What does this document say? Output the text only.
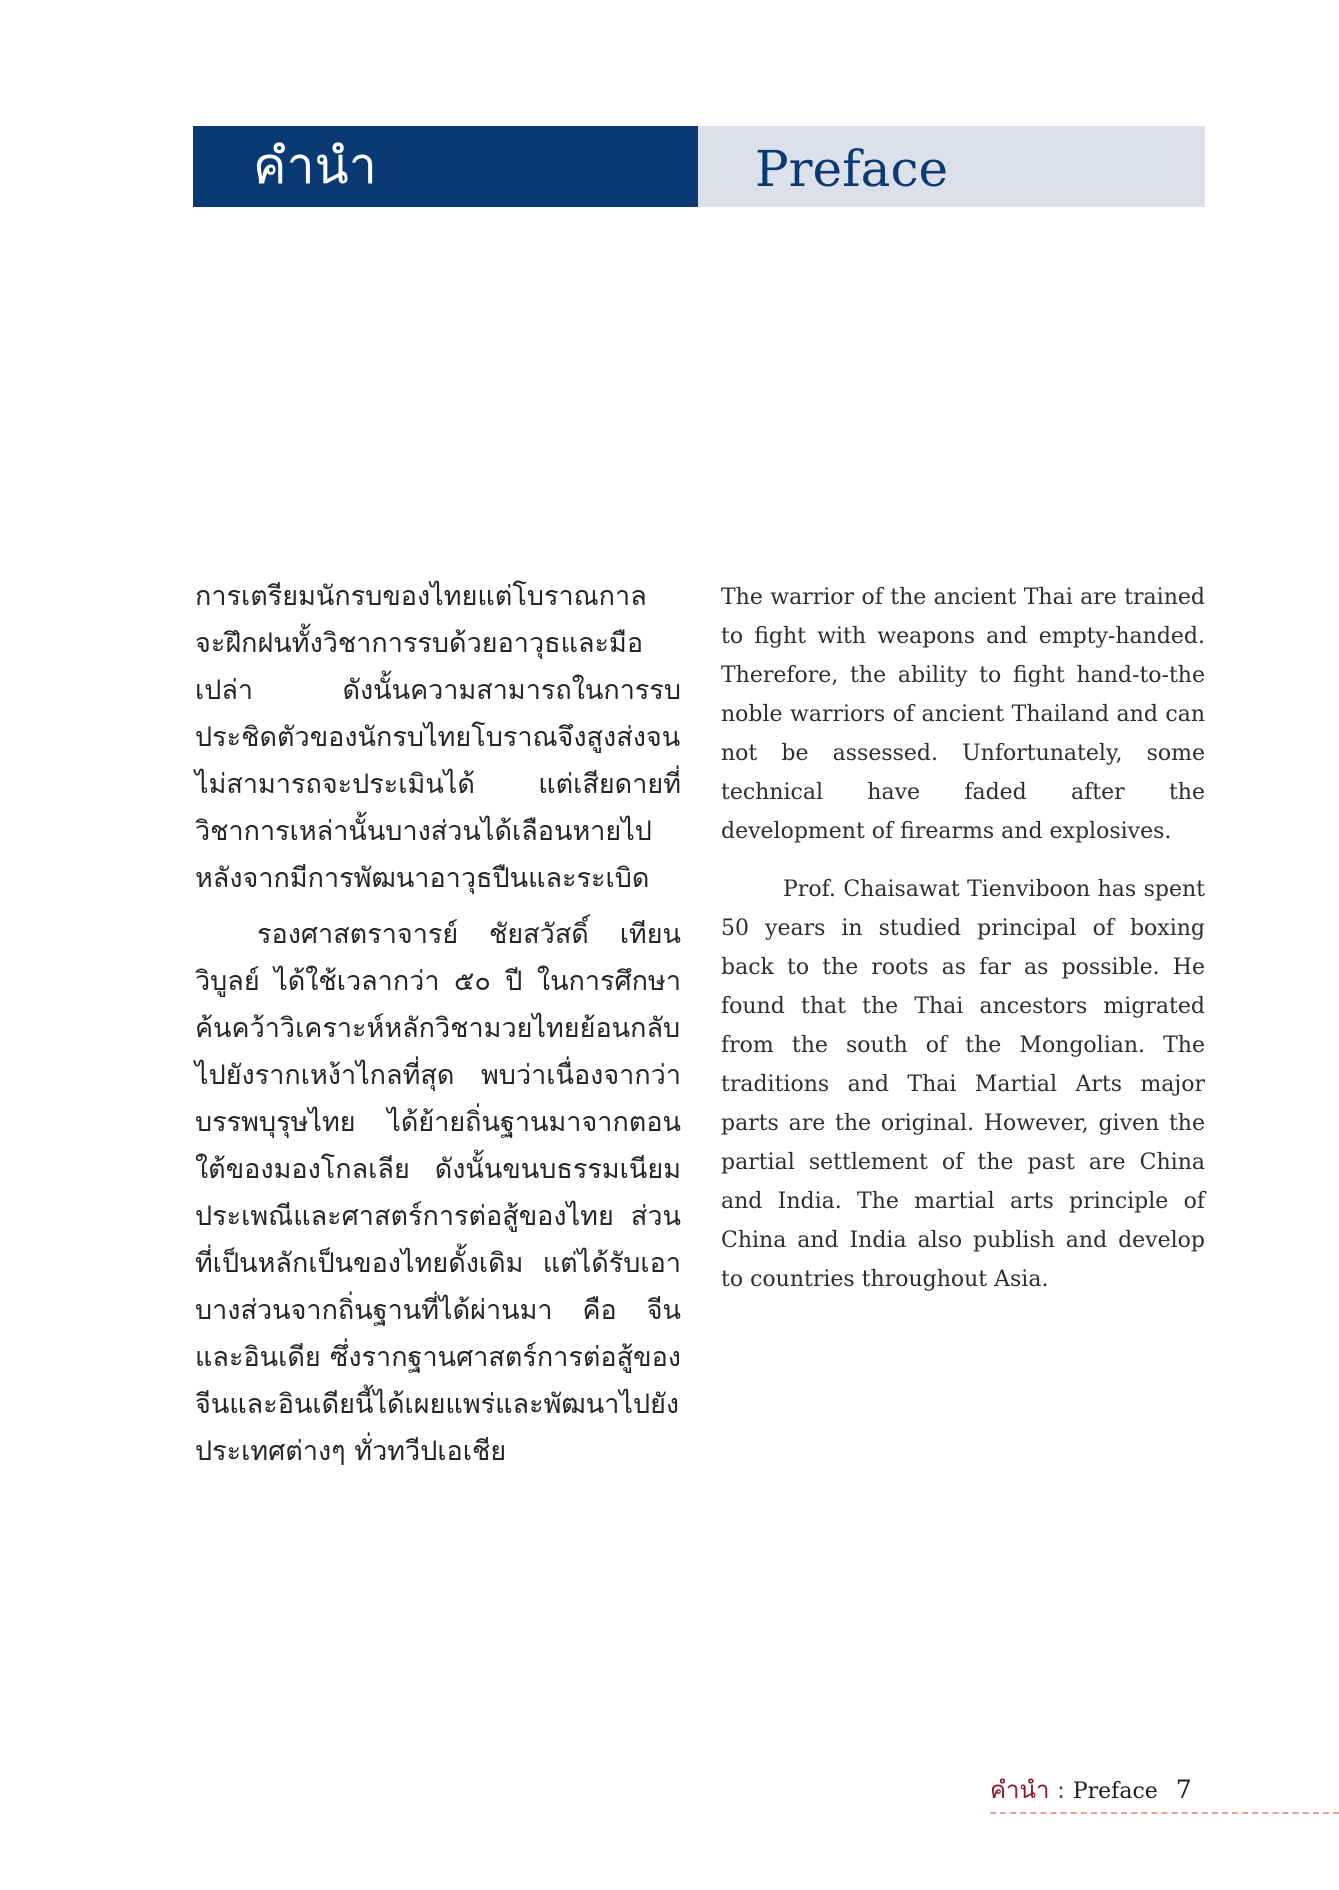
คำนำ	Preface

การเตรียมนักรบของไทยแต่โบราณกาล จะฝึกฝนทั้งวิชาการรบด้วยอาวุธและมือเปล่า ดังนั้นความสามารถในการรบประชิดตัวของนักรบไทยโบราณจึงสูงส่งจนไม่สามารถจะประเมินได้ แต่เสียดายที่วิชาการเหล่านั้นบางส่วนได้เลือนหายไป หลังจากมีการพัฒนาอาวุธปืนและระเบิด

รองศาสตราจารย์ ชัยสวัสดิ์ เทียนวิบูลย์ ได้ใช้เวลากว่า ๕๐ ปี ในการศึกษา ค้นคว้าวิเคราะห์หลักวิชามวยไทยย้อนกลับไปยังรากเหง้าไกลที่สุด พบว่าเนื่องจากว่าบรรพบุรุษไทย ได้ย้ายถิ่นฐานมาจากตอนใต้ของมองโกลเลีย ดังนั้นขนบธรรมเนียมประเพณีและศาสตร์การต่อสู้ของไทย ส่วนที่เป็นหลักเป็นของไทยดั้งเดิม แต่ได้รับเอาบางส่วนจากถิ่นฐานที่ได้ผ่านมา คือ จีนและอินเดีย ซึ่งรากฐานศาสตร์การต่อสู้ของจีนและอินเดียนี้ได้เผยแพร่และพัฒนาไปยังประเทศต่างๆ ทั่วทวีปเอเชีย

The warrior of the ancient Thai are trained to fight with weapons and empty-handed. Therefore, the ability to fight hand-to-the noble warriors of ancient Thailand and can not be assessed. Unfortunately, some technical have faded after the development of firearms and explosives.

Prof. Chaisawat Tienviboon has spent 50 years in studied principal of boxing back to the roots as far as possible. He found that the Thai ancestors migrated from the south of the Mongolian. The traditions and Thai Martial Arts major parts are the original. However, given the partial settlement of the past are China and India. The martial arts principle of China and India also publish and develop to countries throughout Asia.

คำนำ : Preface 7
